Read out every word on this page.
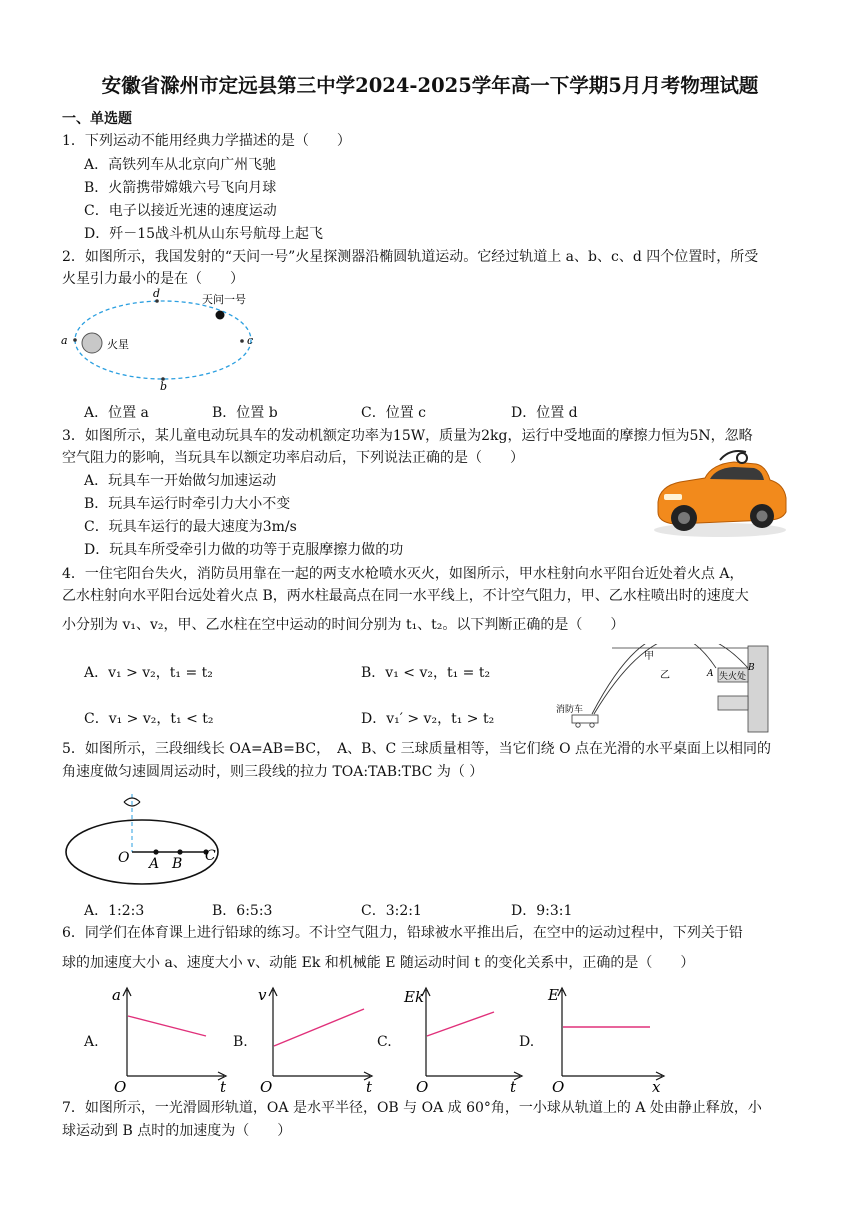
安徽省滁州市定远县第三中学2024-2025学年高一下学期5月月考物理试题
一、单选题
1．下列运动不能用经典力学描述的是（　　）
A．高铁列车从北京向广州飞驰
B．火箭携带嫦娥六号飞向月球
C．电子以接近光速的速度运动
D．歼－15战斗机从山东号航母上起飞
2．如图所示，我国发射的“天问一号”火星探测器沿椭圆轨道运动。它经过轨道上 a、b、c、d 四个位置时，所受
火星引力最小的是在（　　）
火星
a
b
c
d	天问一号
A．位置 a	B．位置 b	C．位置 c	D．位置 d
3．如图所示，某儿童电动玩具车的发动机额定功率为15W，质量为2kg，运行中受地面的摩擦力恒为5N，忽略
空气阻力的影响，当玩具车以额定功率启动后，下列说法正确的是（　　）
A．玩具车一开始做匀加速运动
B．玩具车运行时牵引力大小不变
C．玩具车运行的最大速度为3m/s
D．玩具车所受牵引力做的功等于克服摩擦力做的功
4．一住宅阳台失火，消防员用靠在一起的两支水枪喷水灭火，如图所示，甲水柱射向水平阳台近处着火点 A，
乙水柱射向水平阳台远处着火点 B，两水柱最高点在同一水平线上，不计空气阻力，甲、乙水柱喷出时的速度大
小分别为 v₁、v₂，甲、乙水柱在空中运动的时间分别为 t₁、t₂。以下判断正确的是（　　）
A．v₁ > v₂，t₁ = t₂	B．v₁ < v₂，t₁ = t₂
C．v₁ > v₂，t₁ < t₂	D．v₁′ > v₂，t₁ > t₂
甲
乙	A
B
失火处
消防车
5．如图所示，三段细线长 OA=AB=BC，　A、B、C 三球质量相等，当它们绕 O 点在光滑的水平桌面上以相同的
角速度做匀速圆周运动时，则三段线的拉力 TOA:TAB:TBC 为（ ）
O A B C
A．1:2:3	B．6:5:3	C．3:2:1	D．9:3:1
6．同学们在体育课上进行铅球的练习。不计空气阻力，铅球被水平推出后，在空中的运动过程中，下列关于铅
球的加速度大小 a、速度大小 v、动能 Ek 和机械能 E 随运动时间 t 的变化关系中，正确的是（　　）
A.
a
O	t
B.
v
O	t
C.
Ek
O	t
D.
E
O	x
7．如图所示，一光滑圆形轨道，OA 是水平半径，OB 与 OA 成 60°角，一小球从轨道上的 A 处由静止释放，小
球运动到 B 点时的加速度为（　　）
